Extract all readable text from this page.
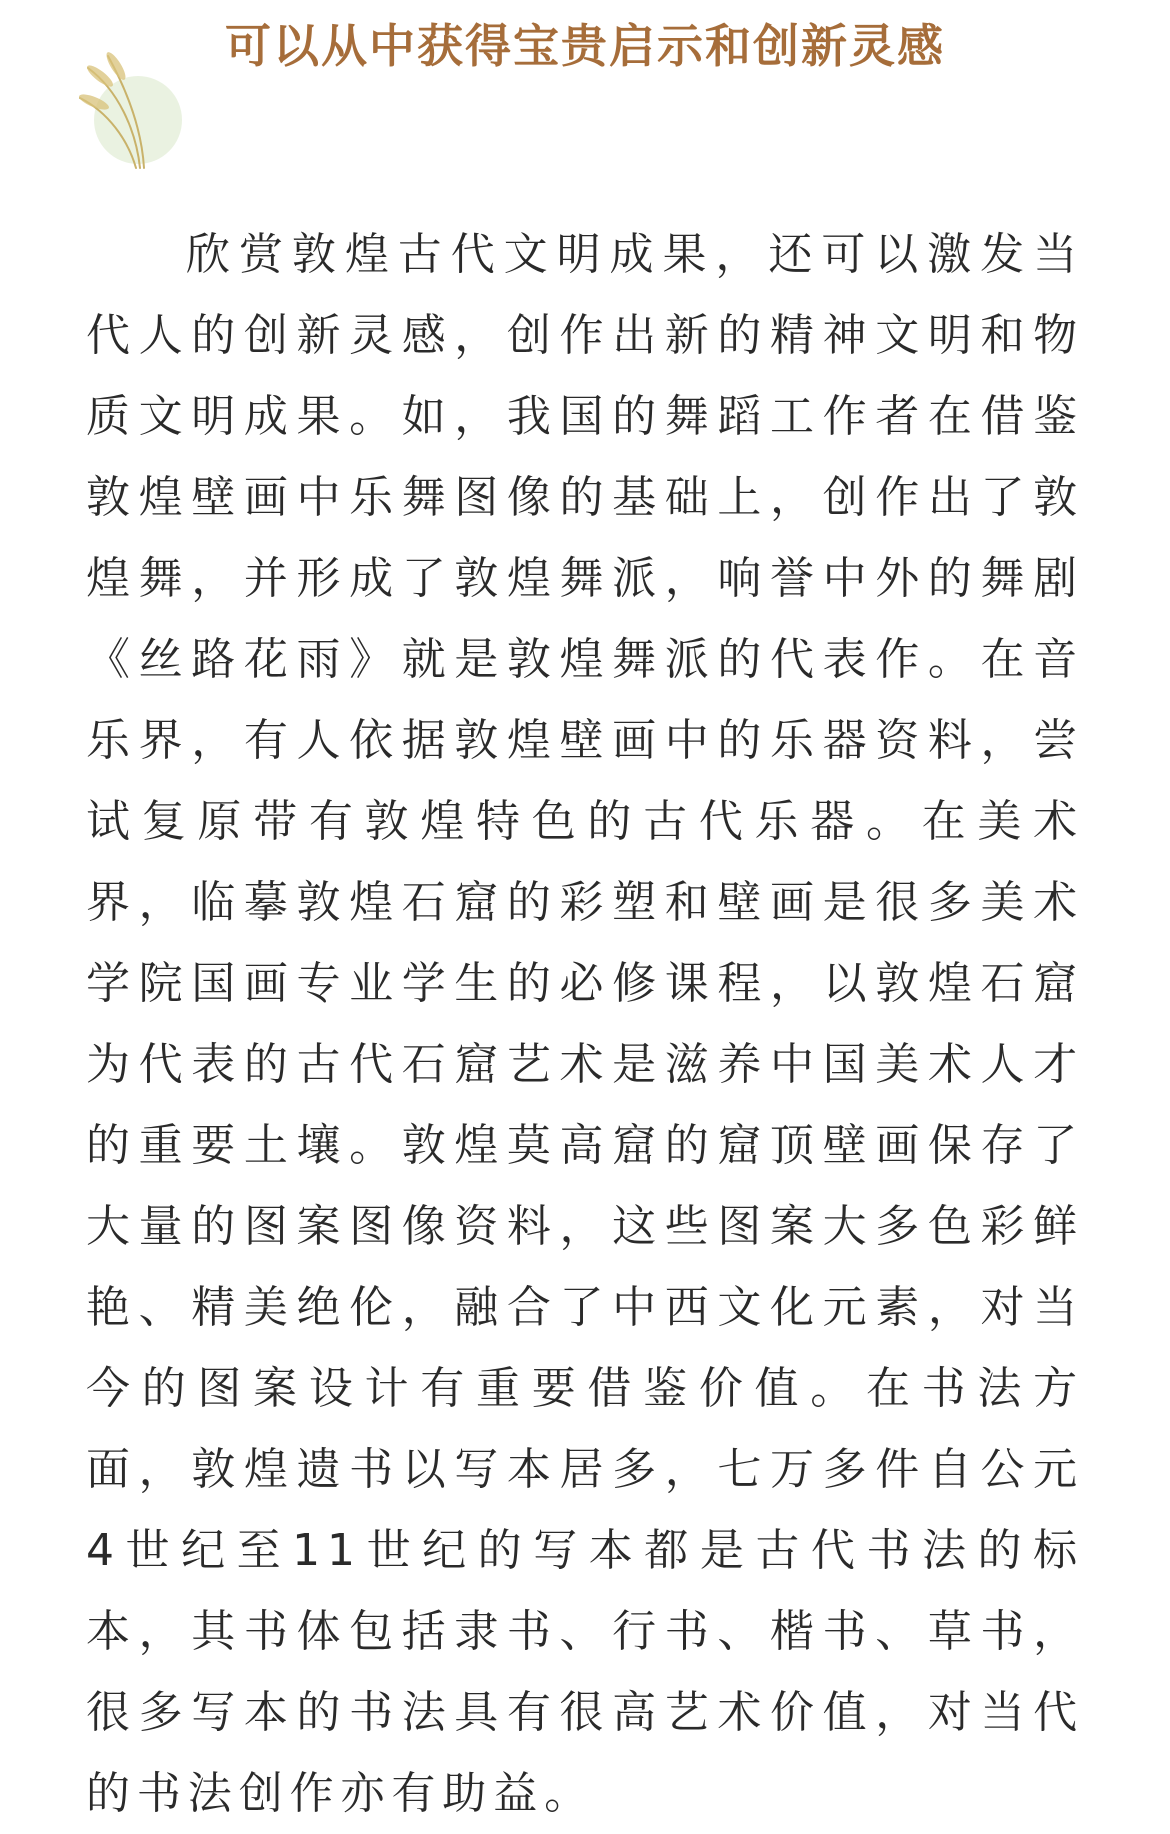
可以从中获得宝贵启示和创新灵感

欣赏敦煌古代文明成果，还可以激发当代人的创新灵感，创作出新的精神文明和物质文明成果。如，我国的舞蹈工作者在借鉴敦煌壁画中乐舞图像的基础上，创作出了敦煌舞，并形成了敦煌舞派，响誉中外的舞剧《丝路花雨》就是敦煌舞派的代表作。在音乐界，有人依据敦煌壁画中的乐器资料，尝试复原带有敦煌特色的古代乐器。在美术界，临摹敦煌石窟的彩塑和壁画是很多美术学院国画专业学生的必修课程，以敦煌石窟为代表的古代石窟艺术是滋养中国美术人才的重要土壤。敦煌莫高窟的窟顶壁画保存了大量的图案图像资料，这些图案大多色彩鲜艳、精美绝伦，融合了中西文化元素，对当今的图案设计有重要借鉴价值。在书法方面，敦煌遗书以写本居多，七万多件自公元4世纪至11世纪的写本都是古代书法的标本，其书体包括隶书、行书、楷书、草书，很多写本的书法具有很高艺术价值，对当代的书法创作亦有助益。
